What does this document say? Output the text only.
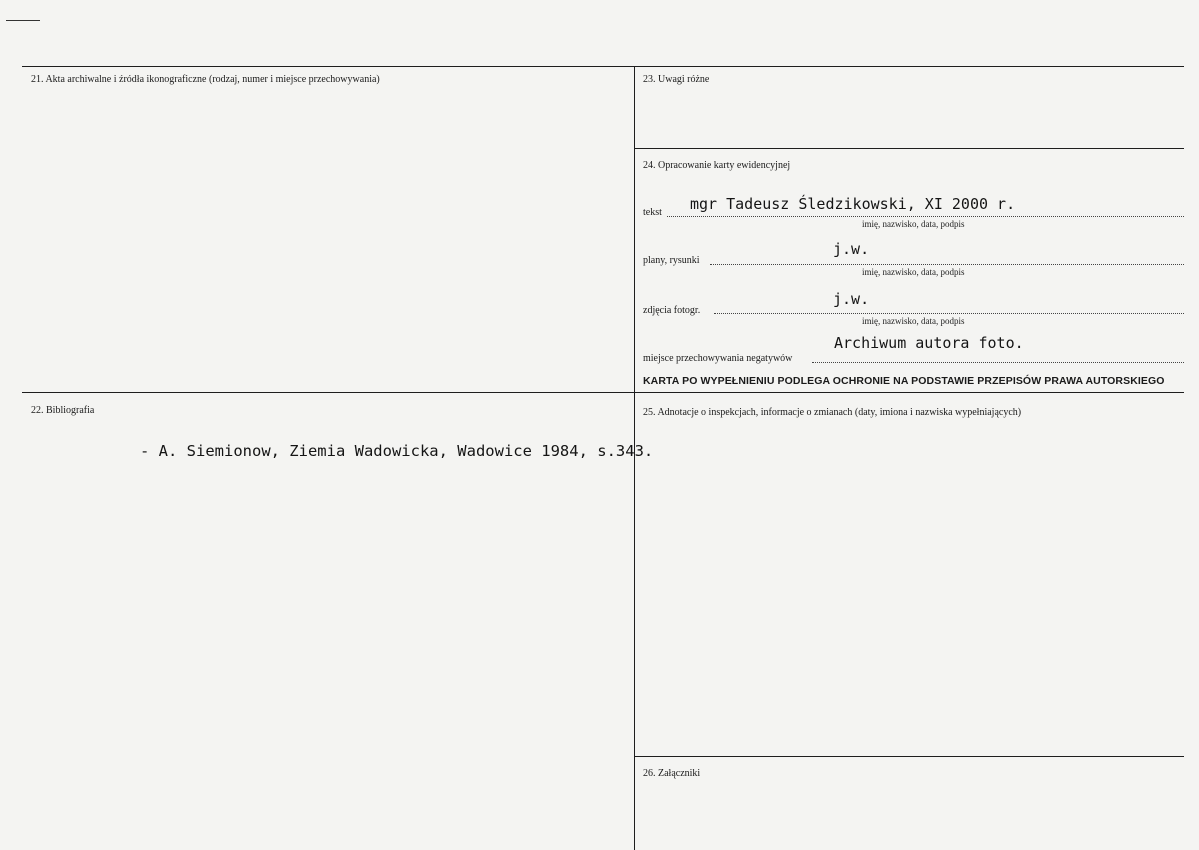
21. Akta archiwalne i źródła ikonograficzne (rodzaj, numer i miejsce przechowywania)
22. Bibliografia
- A. Siemionow, Ziemia Wadowicka, Wadowice 1984, s.343.
23. Uwagi różne
24. Opracowanie karty ewidencyjnej
tekst mgr Tadeusz Śledzikowski, XI 2000 r.
imię, nazwisko, data, podpis
plany, rysunki
j.w.
imię, nazwisko, data, podpis
zdjęcia fotogr.
j.w.
imię, nazwisko, data, podpis
miejsce przechowywania negatywów
Archiwum autora foto.
KARTA PO WYPEŁNIENIU PODLEGA OCHRONIE NA PODSTAWIE PRZEPISÓW PRAWA AUTORSKIEGO
25. Adnotacje o inspekcjach, informacje o zmianach (daty, imiona i nazwiska wypełniających)
26. Załączniki
